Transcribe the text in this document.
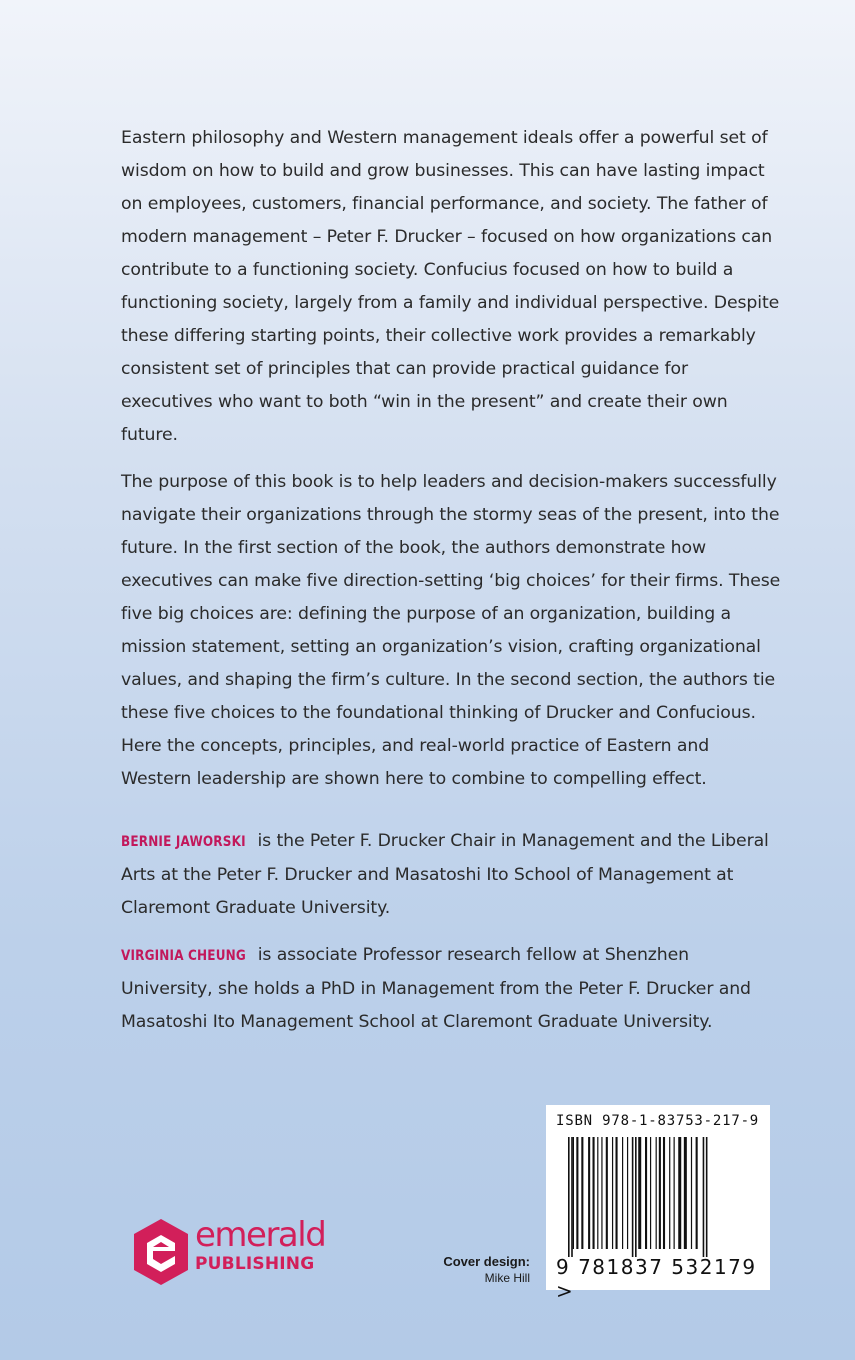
Eastern philosophy and Western management ideals offer a powerful set of wisdom on how to build and grow businesses. This can have lasting impact on employees, customers, financial performance, and society. The father of modern management – Peter F. Drucker – focused on how organizations can contribute to a functioning society. Confucius focused on how to build a functioning society, largely from a family and individual perspective. Despite these differing starting points, their collective work provides a remarkably consistent set of principles that can provide practical guidance for executives who want to both “win in the present” and create their own future.

The purpose of this book is to help leaders and decision-makers successfully navigate their organizations through the stormy seas of the present, into the future. In the first section of the book, the authors demonstrate how executives can make five direction-setting ‘big choices’ for their firms. These five big choices are: defining the purpose of an organization, building a mission statement, setting an organization’s vision, crafting organizational values, and shaping the firm’s culture. In the second section, the authors tie these five choices to the foundational thinking of Drucker and Confucious. Here the concepts, principles, and real-world practice of Eastern and Western leadership are shown here to combine to compelling effect.

BERNIE JAWORSKI is the Peter F. Drucker Chair in Management and the Liberal Arts at the Peter F. Drucker and Masatoshi Ito School of Management at Claremont Graduate University.

VIRGINIA CHEUNG is associate Professor research fellow at Shenzhen University, she holds a PhD in Management from the Peter F. Drucker and Masatoshi Ito Management School at Claremont Graduate University.

emerald
PUBLISHING	Cover design:
Mike Hill
ISBN 978-1-83753-217-9
9 781837 532179 >
